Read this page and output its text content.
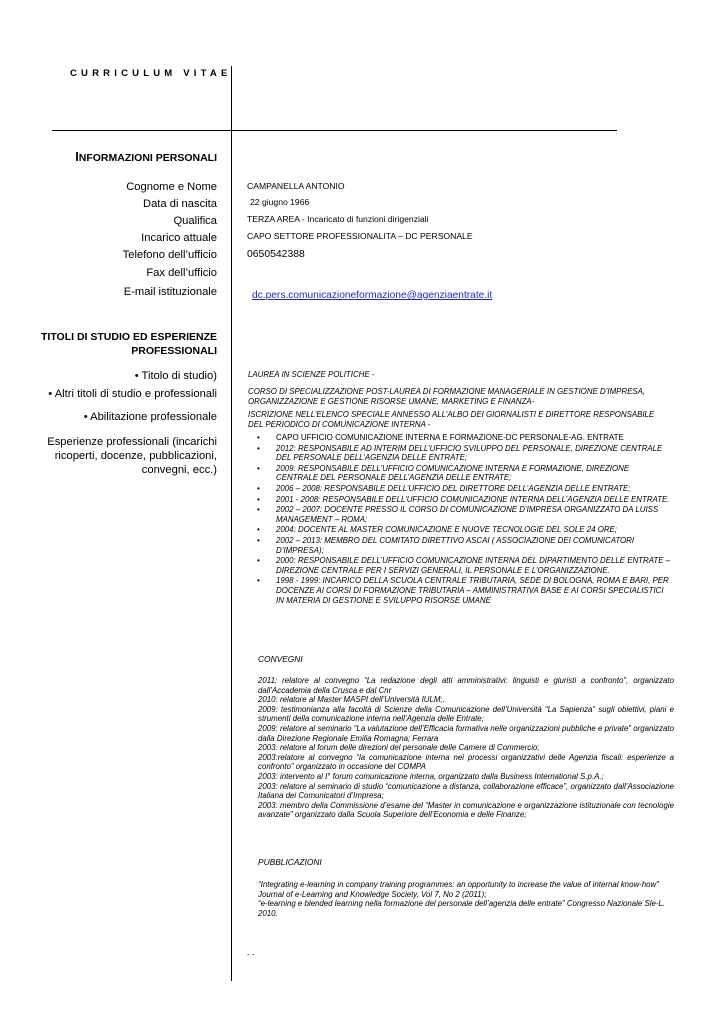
CURRICULUM VITAE
INFORMAZIONI PERSONALI
Cognome e Nome
Data di nascita
Qualifica
Incarico attuale
Telefono dell’ufficio
Fax dell’ufficio
E-mail istituzionale
CAMPANELLA ANTONIO
22 giugno 1966
TERZA AREA - Incaricato di funzioni dirigenziali
CAPO SETTORE PROFESSIONALITA – DC PERSONALE
0650542388
dc.pers.comunicazioneformazione@agenziaentrate.it
TITOLI DI STUDIO ED ESPERIENZE
PROFESSIONALI
• Titolo di studio)
• Altri titoli di studio e professionali
• Abilitazione professionale
Esperienze professionali (incarichi ricoperti, docenze, pubblicazioni, convegni, ecc.)
LAUREA IN SCIENZE POLITICHE -
CORSO DI SPECIALIZZAZIONE POST-LAUREA DI FORMAZIONE MANAGERIALE IN GESTIONE D’IMPRESA, ORGANIZZAZIONE E GESTIONE RISORSE UMANE, MARKETING E FINANZA-
ISCRIZIONE NELL’ELENCO SPECIALE ANNESSO ALL’ALBO DEI GIORNALISTI E DIRETTORE RESPONSABILE DEL PERIODICO DI COMUNICAZIONE INTERNA -
• CAPO UFFICIO COMUNICAZIONE INTERNA E FORMAZIONE-DC PERSONALE-AG. ENTRATE
• 2012: RESPONSABILE AD INTERIM DELL’UFFICIO SVILUPPO DEL PERSONALE, DIREZIONE CENTRALE DEL PERSONALE DELL’AGENZIA DELLE ENTRATE;
• 2009: RESPONSABILE DELL’UFFICIO COMUNICAZIONE INTERNA E FORMAZIONE, DIREZIONE CENTRALE DEL PERSONALE DELL’AGENZIA DELLE ENTRATE;
• 2006 – 2008: RESPONSABILE DELL’UFFICIO DEL DIRETTORE DELL’AGENZIA DELLE ENTRATE;
• 2001 - 2008: RESPONSABILE DELL’UFFICIO COMUNICAZIONE INTERNA DELL’AGENZIA DELLE ENTRATE.
• 2002 – 2007: DOCENTE PRESSO IL CORSO DI COMUNICAZIONE D’IMPRESA ORGANIZZATO DA LUISS MANAGEMENT – ROMA;
• 2004: DOCENTE AL MASTER COMUNICAZIONE E NUOVE TECNOLOGIE DEL SOLE 24 ORE;
• 2002 – 2013: MEMBRO DEL COMITATO DIRETTIVO ASCAI ( ASSOCIAZIONE DEI COMUNICATORI D’IMPRESA);
• 2000: RESPONSABILE DELL’UFFICIO COMUNICAZIONE INTERNA DEL DIPARTIMENTO DELLE ENTRATE – DIREZIONE CENTRALE PER I SERVIZI GENERALI, IL PERSONALE E L’ORGANIZZAZIONE.
• 1998 - 1999: INCARICO DELLA SCUOLA CENTRALE TRIBUTARIA, SEDE DI BOLOGNA, ROMA E BARI, PER DOCENZE AI CORSI DI FORMAZIONE TRIBUTARIA – AMMINISTRATIVA BASE E AI CORSI SPECIALISTICI IN MATERIA DI GESTIONE E SVILUPPO RISORSE UMANE
CONVEGNI
2011: relatore al convegno “La redazione degli atti amministrativi: linguisti e giuristi a confronto”, organizzato dall’Accademia della Crusca e dal Cnr
2010: relatore al Master MASPI dell’Università IULM;.
2009: testimonianza alla facoltà di Scienze della Comunicazione dell’Università “La Sapienza” sugli obiettivi, piani e strumenti della comunicazione interna nell’Agenzia delle Entrate;
2009: relatore al seminario “La valutazione dell’Efficacia formativa nelle organizzazioni pubbliche e private” organizzato dalla Direzione Regionale Emilia Romagna; Ferrara
2003: relatore al forum delle direzioni del personale delle Camere di Commercio;
2003:relatore al convegno “la comunicazione interna nei processi organizzativi delle Agenzia fiscali: esperienze a confronto” organizzato in occasione del COMPA
2003: intervento al I° forum comunicazione interna, organizzato dalla Business International S.p.A.;
2003: relatore al seminario di studio “comunicazione a distanza, collaborazione efficace”, organizzato dall’Associazione Italiana dei Comunicatori d’Impresa;
2003: membro della Commissione d’esame del “Master in comunicazione e organizzazione istituzionale con tecnologie avanzate” organizzato dalla Scuola Superiore dell’Economia e delle Finanze;
PUBBLICAZIONI
“Integrating e-learning in company training programmes: an opportunity to increase the value of internal know-how” Journal of e-Learning and Knowledge Society, Vol 7, No 2 (2011);
“e-learning e blended learning nella formazione del personale dell’agenzia delle entrate” Congresso Nazionale Sle-L. 2010.
- -
